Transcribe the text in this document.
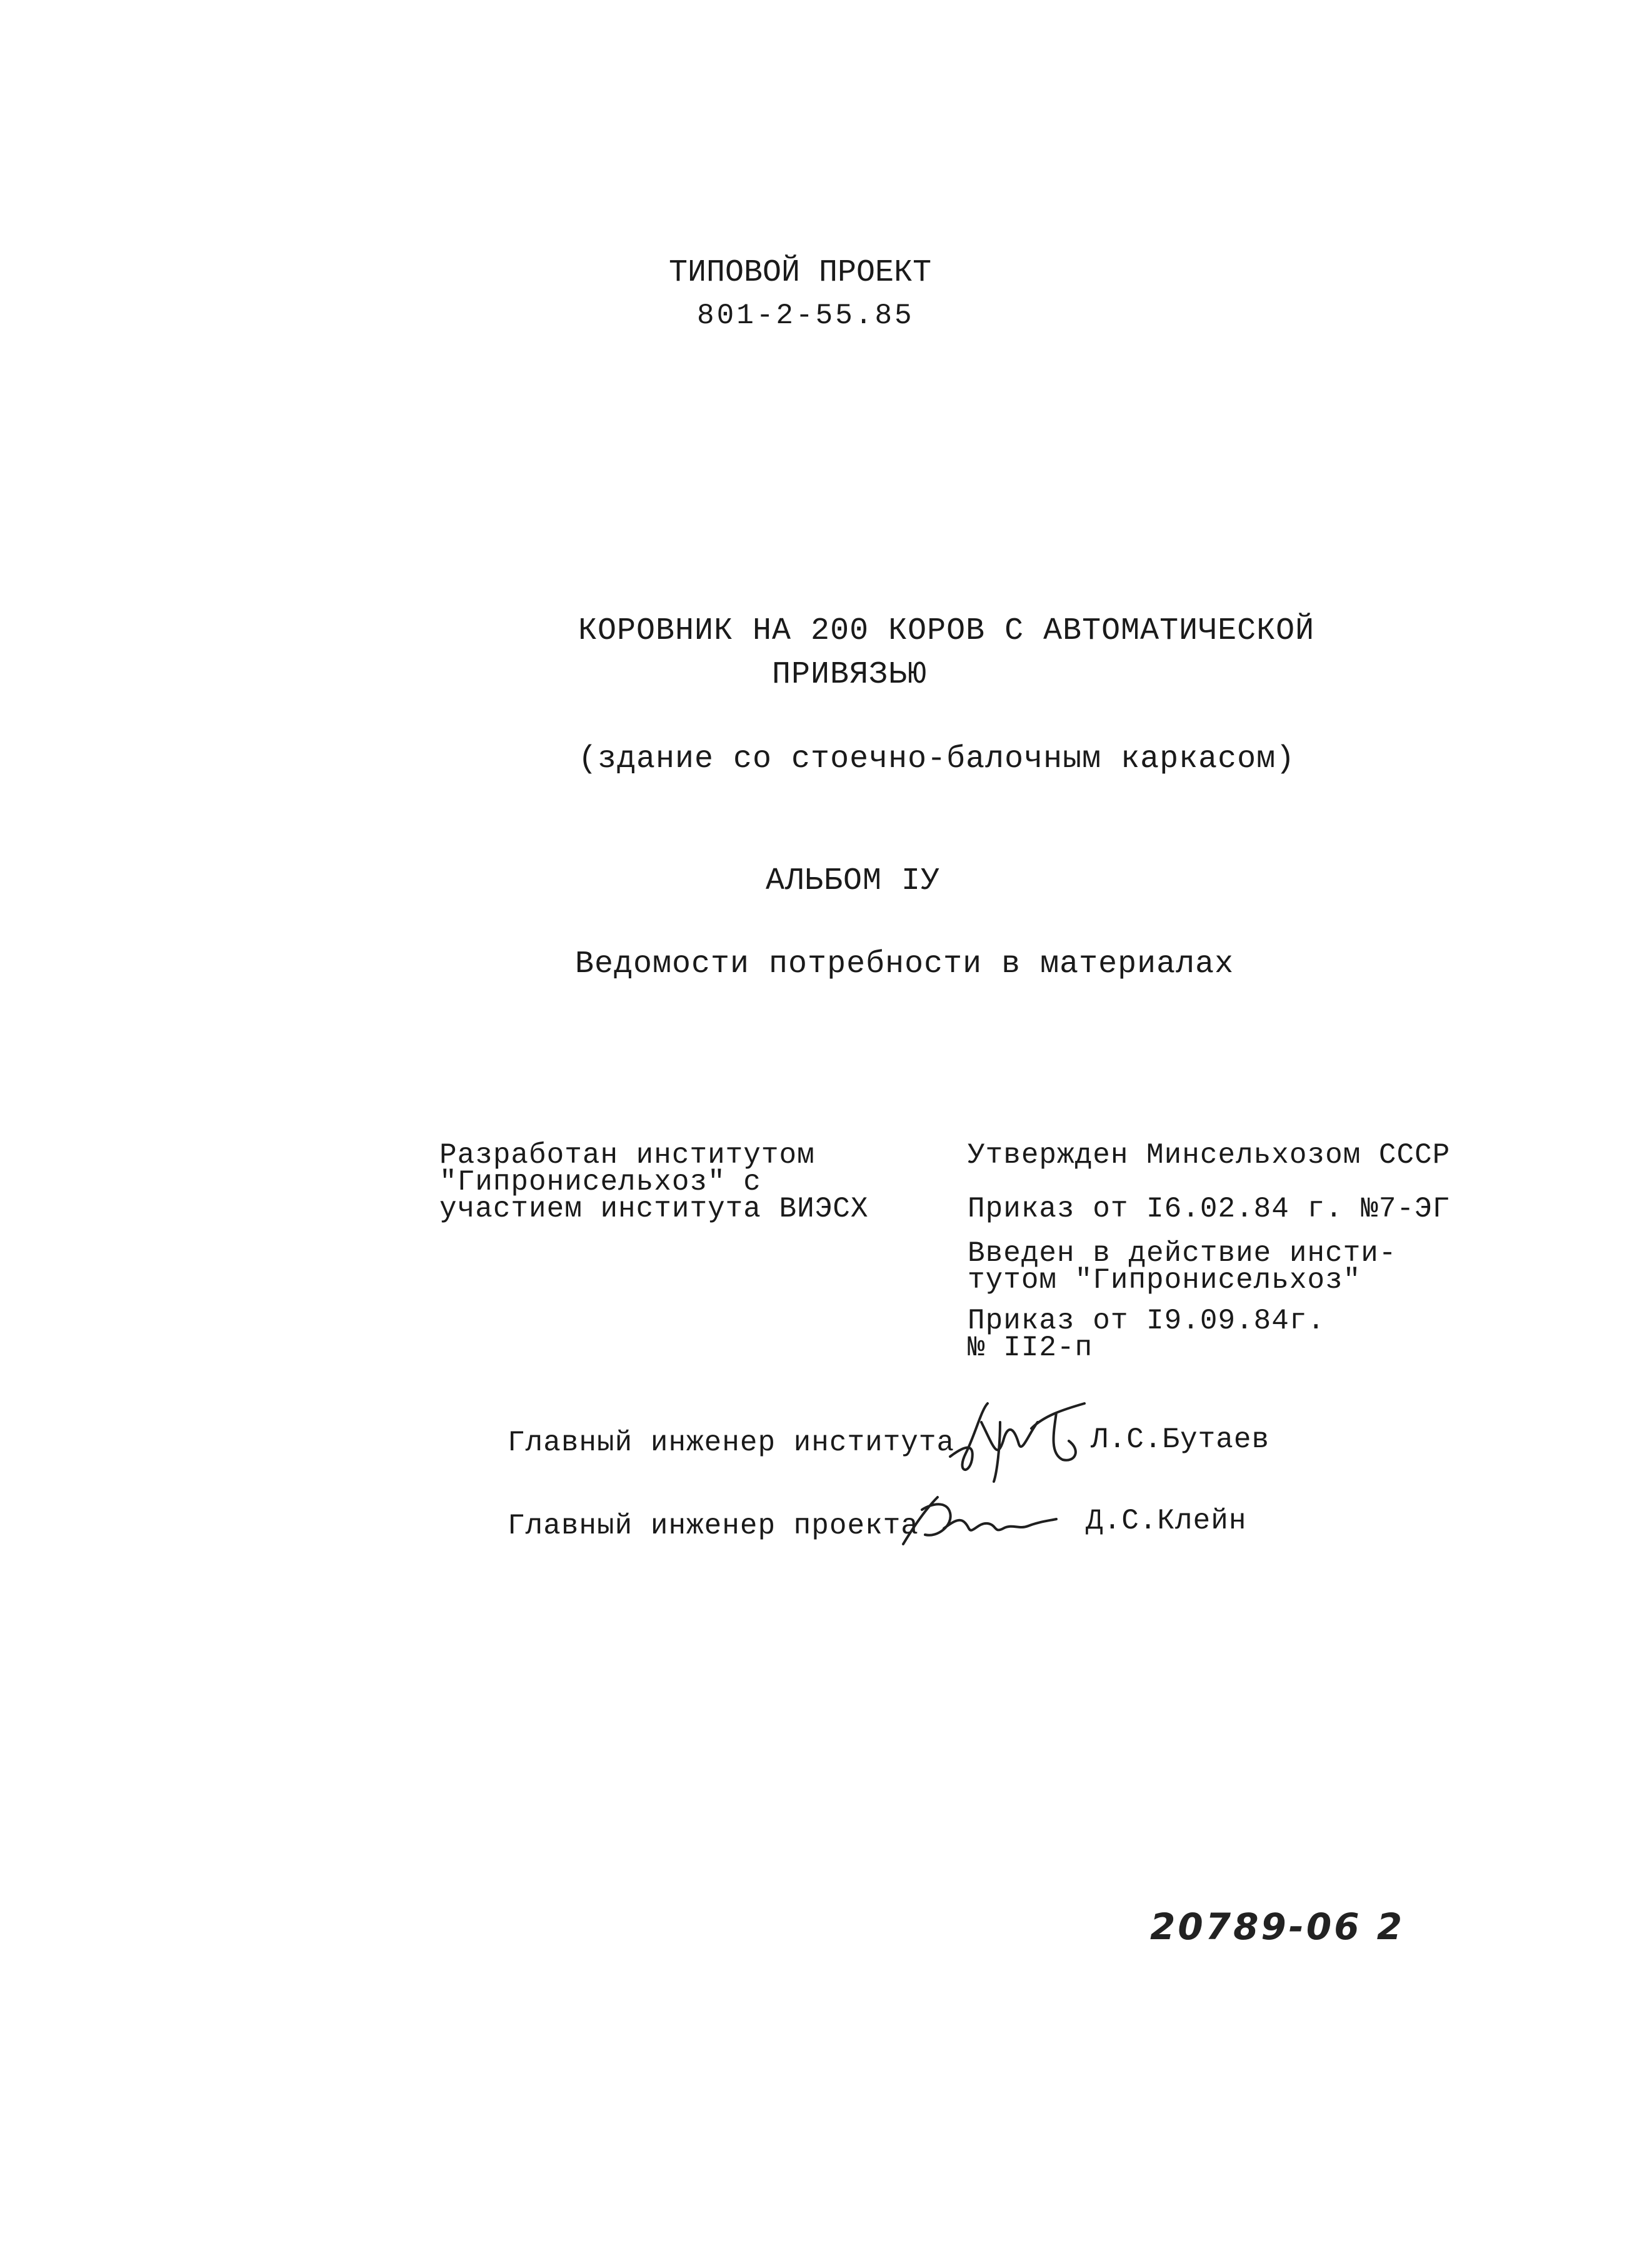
ТИПОВОЙ ПРОЕКТ
801-2-55.85
КОРОВНИК НА 200 КОРОВ С АВТОМАТИЧЕСКОЙ
ПРИВЯЗЬЮ
(здание со стоечно-балочным каркасом)
АЛЬБОМ IУ
Ведомости потребности в материалах
Разработан институтом
"Гипронисельхоз" с
участием института ВИЭСХ
Утвержден Минсельхозом СССР
Приказ от I6.02.84 г. №7-ЭГ
Введен в действие инсти-
тутом "Гипронисельхоз"
Приказ от I9.09.84г.
№ II2-п
Главный инженер института	Л.С.Бутаев
Главный инженер проекта	Д.С.Клейн
20789-06 2
